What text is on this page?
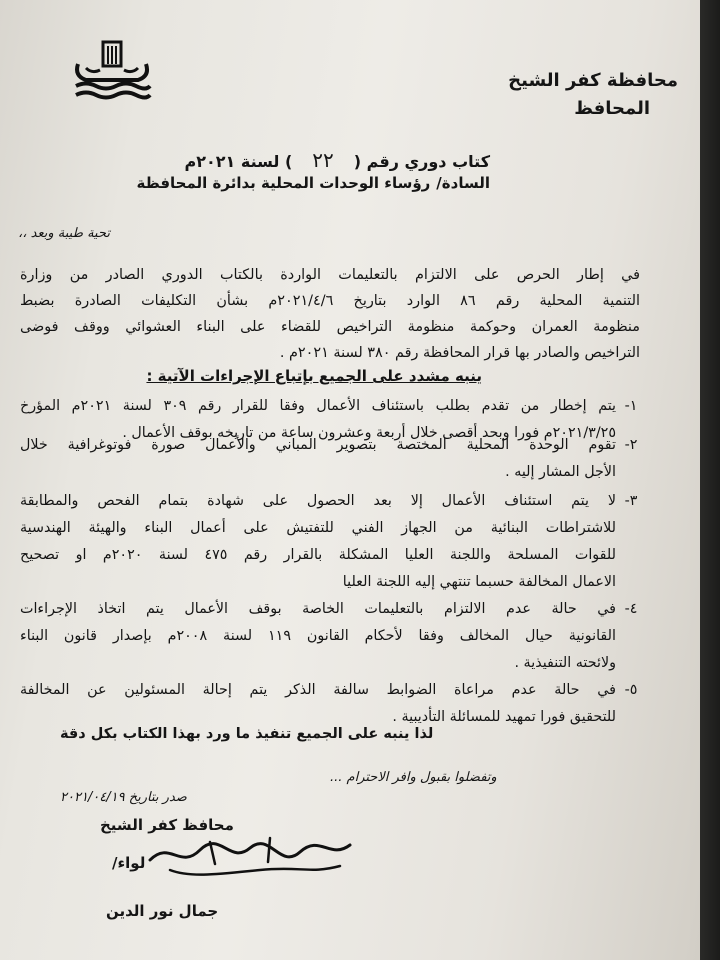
محافظة كفر الشيخ
المحافظ
كتاب دوري رقم (
٢٢
) لسنة ٢٠٢١م
السادة/
رؤساء الوحدات المحلية بدائرة المحافظة
تحية طيبة وبعد ،،
في إطار الحرص على الالتزام بالتعليمات الواردة بالكتاب الدوري الصادر من وزارة
التنمية المحلية رقم ٨٦ الوارد بتاريخ ٢٠٢١/٤/٦م بشأن التكليفات الصادرة بضبط
منظومة العمران وحوكمة منظومة التراخيص للقضاء على البناء العشوائي ووقف فوضى
التراخيص والصادر بها قرار المحافظة رقم ٣٨٠ لسنة ٢٠٢١م .
ينبه مشدد على الجميع بإتباع الإجراءات الآتية :
١-
يتم إخطار من تقدم بطلب باستئناف الأعمال وفقا للقرار رقم ٣٠٩ لسنة ٢٠٢١م المؤرخ
٢٠٢١/٣/٢٥م فورا وبحد أقصى خلال أربعة وعشرون ساعة من تاريخه بوقف الأعمال .
٢-
تقوم الوحدة المحلية المختصة بتصوير المباني والأعمال صورة فوتوغرافية خلال
الأجل المشار إليه .
٣-
لا يتم استئناف الأعمال إلا بعد الحصول على شهادة بتمام الفحص والمطابقة
للاشتراطات البنائية من الجهاز الفني للتفتيش على أعمال البناء والهيئة الهندسية
للقوات المسلحة واللجنة العليا المشكلة بالقرار رقم ٤٧٥ لسنة ٢٠٢٠م او تصحيح
الاعمال المخالفة حسبما تنتهي إليه اللجنة العليا
٤-
في حالة عدم الالتزام بالتعليمات الخاصة بوقف الأعمال يتم اتخاذ الإجراءات
القانونية حيال المخالف وفقا لأحكام القانون ١١٩ لسنة ٢٠٠٨م بإصدار قانون البناء
ولائحته التنفيذية .
٥-
في حالة عدم مراعاة الضوابط سالفة الذكر يتم إحالة المسئولين عن المخالفة
للتحقيق فورا تمهيد للمسائلة التأديبية .
لذا ينبه على الجميع تنفيذ ما ورد بهذا الكتاب بكل دقة
وتفضلوا بقبول وافر الاحترام ...
صدر بتاريخ ٢٠٢١/٠٤/١٩
محافظ كفر الشيخ
لواء/
جمال نور الدين
